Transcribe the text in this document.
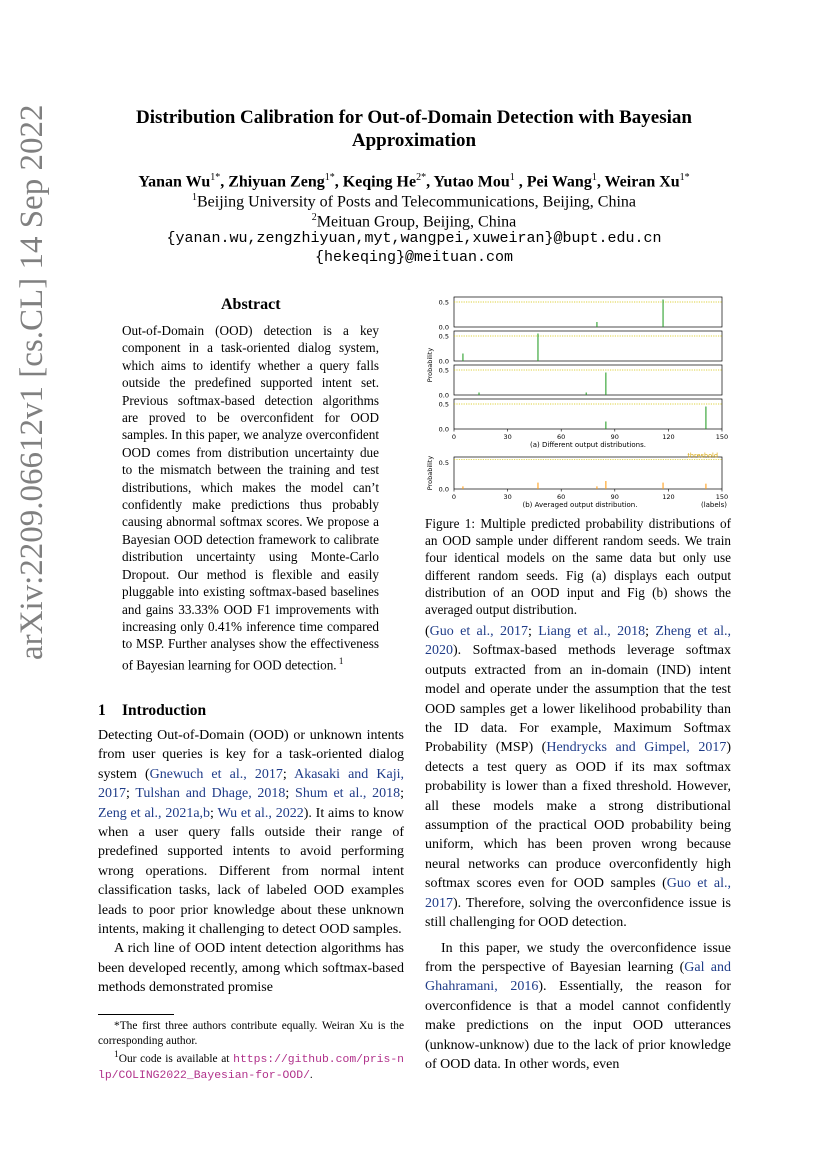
arXiv:2209.06612v1 [cs.CL] 14 Sep 2022	Distribution Calibration for Out-of-Domain Detection with Bayesian
Approximation
Yanan $Wu^{1*}$, Zhiyuan Zeng$^{1*}$, Keqing $He^{2*}$, Yutao Mou$^1$ , Pei Wang$^1$, Weiran $Xu^{1*}$
$^1$Beijing University of Posts and Telecommunications, Beijing, China
$^2$Meituan Group, Beijing, China
{yanan.wu,zengzhiyuan,myt,wangpei,xuweiran}@bupt.edu.cn
{hekeqing}@meituan.com
Abstract
Out-of-Domain (OOD) detection is a key component in a task-oriented dialog system, which aims to identify whether a query falls outside the predefined supported intent set. Previous softmax-based detection algorithms are proved to be overconfident for OOD samples. In this paper, we analyze overconfident OOD comes from distribution uncertainty due to the mismatch between the training and test distributions, which makes the model can’t confidently make predictions thus probably causing abnormal softmax scores. We propose a Bayesian OOD detection framework to calibrate distribution uncertainty using Monte-Carlo Dropout. Our method is flexible and easily pluggable into existing softmax-based baselines and gains 33.33% OOD F1 improvements with increasing only 0.41% inference time compared to MSP. Further analyses show the effectiveness of Bayesian learning for OOD detection. $^1$
1 Introduction

Detecting Out-of-Domain (OOD) or unknown intents from user queries is key for a task-oriented dialog system (Gnewuch et al., 2017; Akasaki and Kaji, 2017; Tulshan and Dhage, 2018; Shum et al., 2018; Zeng et al., 2021a,b; Wu et al., 2022). It aims to know when a user query falls outside their range of predefined supported intents to avoid performing wrong operations. Different from normal intent classification tasks, lack of labeled OOD examples leads to poor prior knowledge about these unknown intents, making it challenging to detect OOD samples.

A rich line of OOD intent detection algorithms has been developed recently, among which softmax-based methods demonstrated promise

*The first three authors contribute equally. Weiran Xu is the corresponding author.

$^1$Our code is available at https://github.com/pris-nlp/COLING2022_Bayesian-for-OOD/.

0.5
0.0
0.5
0.0
0.5
0.0
0.5
0.0
0	30	60	90	120	150
(a) Different output distributions.
Probability
threshold
0.5
0.0
0	30	60	90	120	150
(b) Averaged output distribution.	(labels)
Probability
Figure 1: Multiple predicted probability distributions of an OOD sample under different random seeds. We train four identical models on the same data but only use different random seeds. Fig (a) displays each output distribution of an OOD input and Fig (b) shows the averaged output distribution.

(Guo et al., 2017; Liang et al., 2018; Zheng et al., 2020). Softmax-based methods leverage softmax outputs extracted from an in-domain (IND) intent model and operate under the assumption that the test OOD samples get a lower likelihood probability than the ID data. For example, Maximum Softmax Probability (MSP) (Hendrycks and Gimpel, 2017) detects a test query as OOD if its max softmax probability is lower than a fixed threshold. However, all these models make a strong distributional assumption of the practical OOD probability being uniform, which has been proven wrong because neural networks can produce overconfidently high softmax scores even for OOD samples (Guo et al., 2017). Therefore, solving the overconfidence issue is still challenging for OOD detection.

In this paper, we study the overconfidence issue from the perspective of Bayesian learning (Gal and Ghahramani, 2016). Essentially, the reason for overconfidence is that a model cannot confidently make predictions on the input OOD utterances (unknow-unknow) due to the lack of prior knowledge of OOD data. In other words, even
